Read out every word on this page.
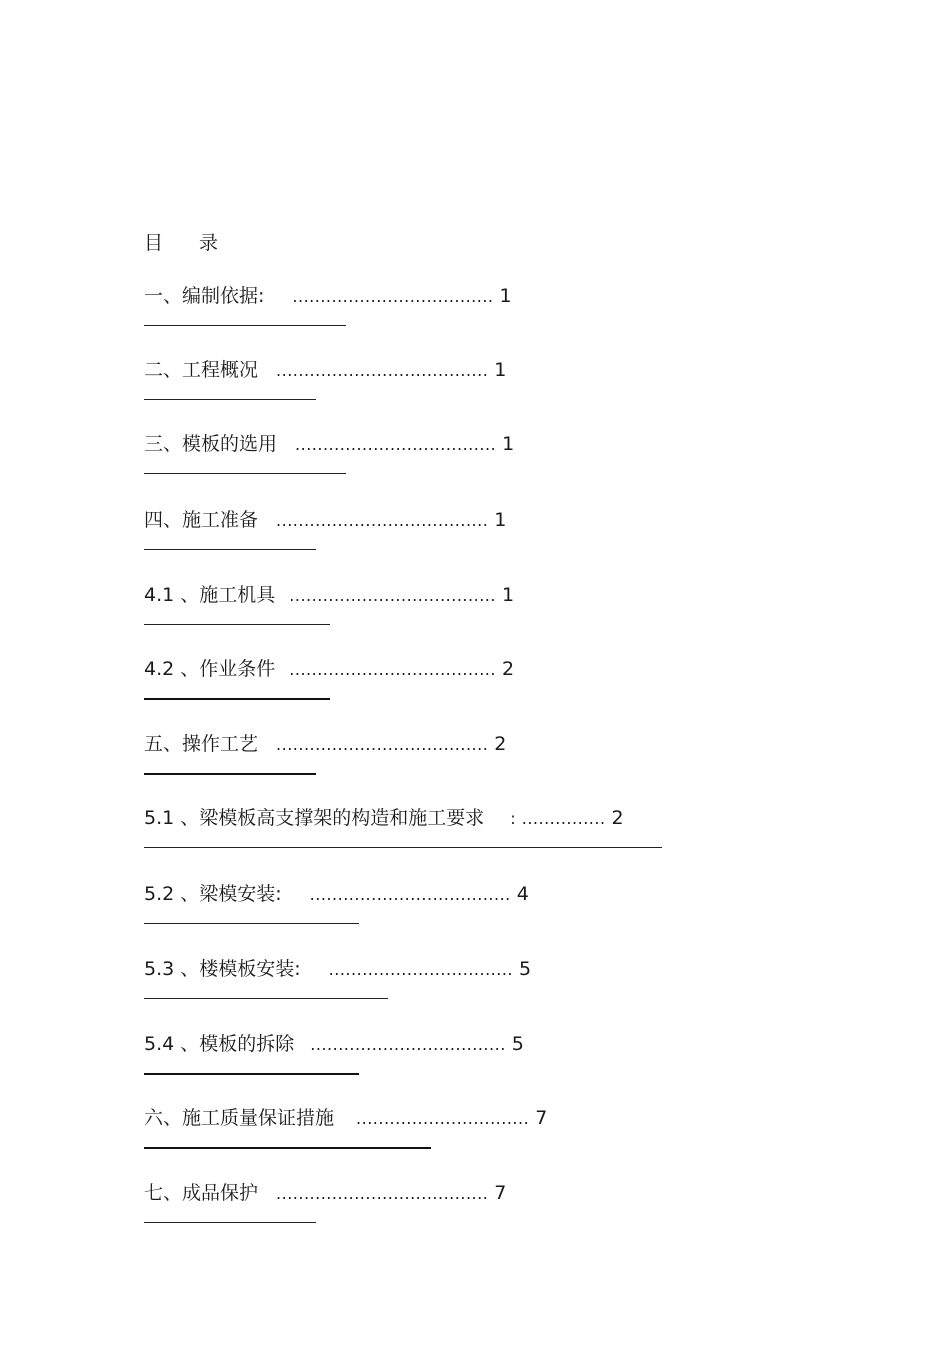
目 录
一、编制依据: .................................... 1
二、工程概况 ...................................... 1
三、模板的选用 .................................... 1
四、施工准备 ...................................... 1
4.1 、施工机具 ..................................... 1
4.2 、作业条件 ..................................... 2
五、操作工艺 ...................................... 2
5.1 、梁模板高支撑架的构造和施工要求 : ............... 2
5.2 、梁模安装: .................................... 4
5.3 、楼模板安装: ................................. 5
5.4 、模板的拆除 ................................... 5
六、施工质量保证措施 ............................... 7
七、成品保护 ...................................... 7
